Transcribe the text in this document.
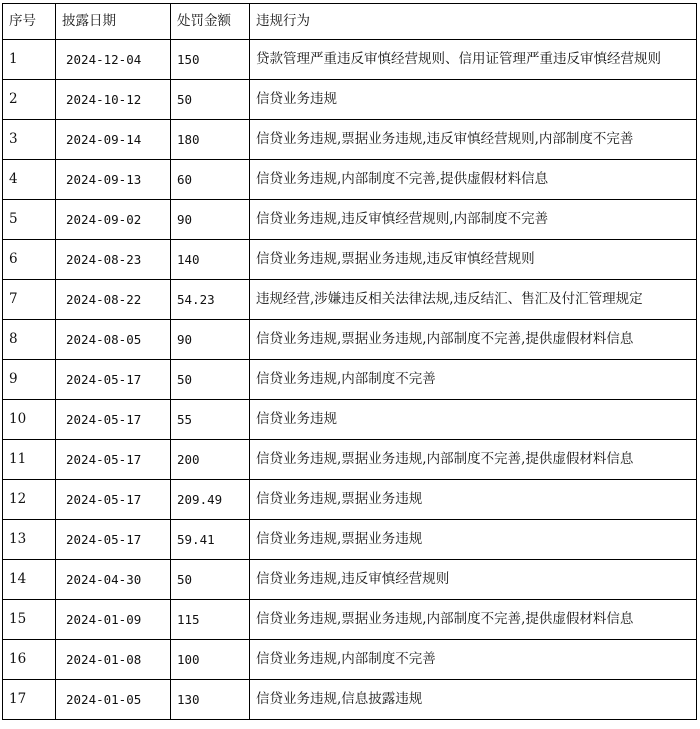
序号	披露日期	处罚金额	违规行为
1	2024-12-04	150	贷款管理严重违反审慎经营规则、信用证管理严重违反审慎经营规则
2	2024-10-12	50	信贷业务违规
3	2024-09-14	180	信贷业务违规,票据业务违规,违反审慎经营规则,内部制度不完善
4	2024-09-13	60	信贷业务违规,内部制度不完善,提供虚假材料信息
5	2024-09-02	90	信贷业务违规,违反审慎经营规则,内部制度不完善
6	2024-08-23	140	信贷业务违规,票据业务违规,违反审慎经营规则
7	2024-08-22	54.23	违规经营,涉嫌违反相关法律法规,违反结汇、售汇及付汇管理规定
8	2024-08-05	90	信贷业务违规,票据业务违规,内部制度不完善,提供虚假材料信息
9	2024-05-17	50	信贷业务违规,内部制度不完善
10	2024-05-17	55	信贷业务违规
11	2024-05-17	200	信贷业务违规,票据业务违规,内部制度不完善,提供虚假材料信息
12	2024-05-17	209.49	信贷业务违规,票据业务违规
13	2024-05-17	59.41	信贷业务违规,票据业务违规
14	2024-04-30	50	信贷业务违规,违反审慎经营规则
15	2024-01-09	115	信贷业务违规,票据业务违规,内部制度不完善,提供虚假材料信息
16	2024-01-08	100	信贷业务违规,内部制度不完善
17	2024-01-05	130	信贷业务违规,信息披露违规
